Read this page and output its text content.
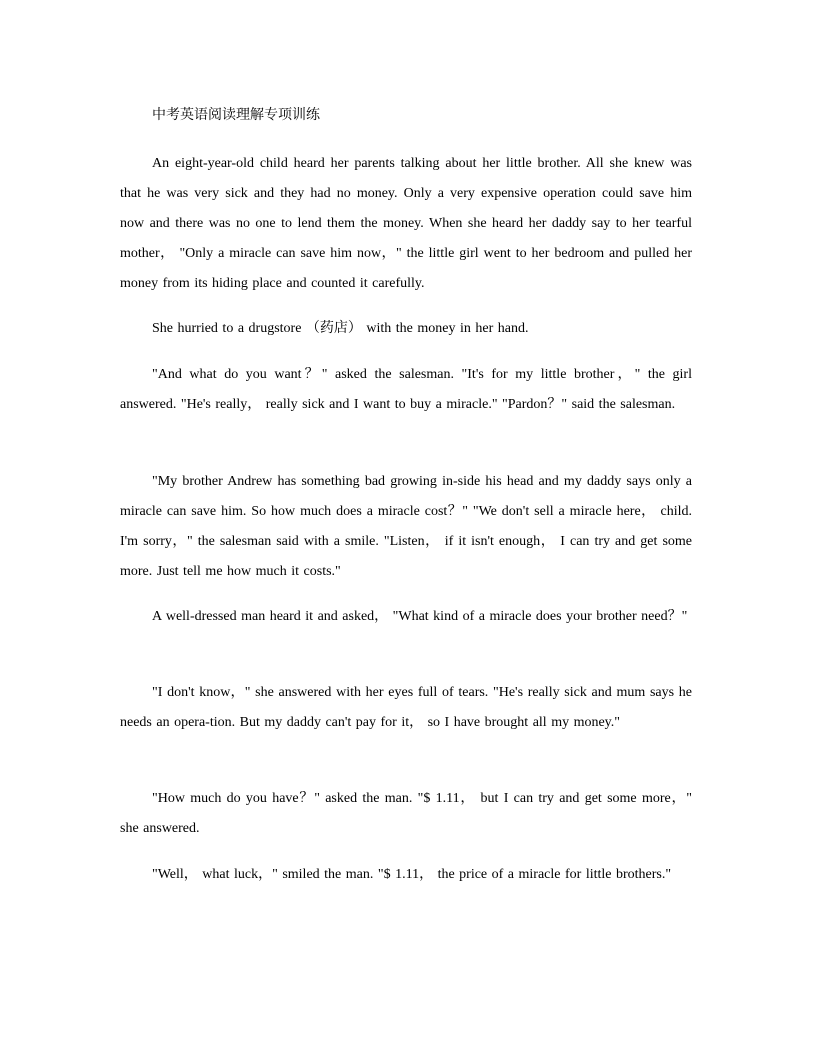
中考英语阅读理解专项训练

An eight-year-old child heard her parents talking about her little brother. All she knew was that he was very sick and they had no money. Only a very expensive operation could save him now and there was no one to lend them the money. When she heard her daddy say to her tearful mother， "Only a miracle can save him now，" the little girl went to her bedroom and pulled her money from its hiding place and counted it carefully.

She hurried to a drugstore （药店） with the money in her hand.

"And what do you want？" asked the salesman. "It's for my little brother，" the girl answered. "He's really， really sick and I want to buy a miracle." "Pardon？" said the salesman.

"My brother Andrew has something bad growing in-side his head and my daddy says only a miracle can save him. So how much does a miracle cost？" "We don't sell a miracle here， child. I'm sorry，" the salesman said with a smile. "Listen， if it isn't enough， I can try and get some more. Just tell me how much it costs."

A well-dressed man heard it and asked， "What kind of a miracle does your brother need？"

"I don't know，" she answered with her eyes full of tears. "He's really sick and mum says he needs an opera-tion. But my daddy can't pay for it， so I have brought all my money."

"How much do you have？" asked the man. "$ 1.11， but I can try and get some more，" she answered.

"Well， what luck，" smiled the man. "$ 1.11， the price of a miracle for little brothers."
